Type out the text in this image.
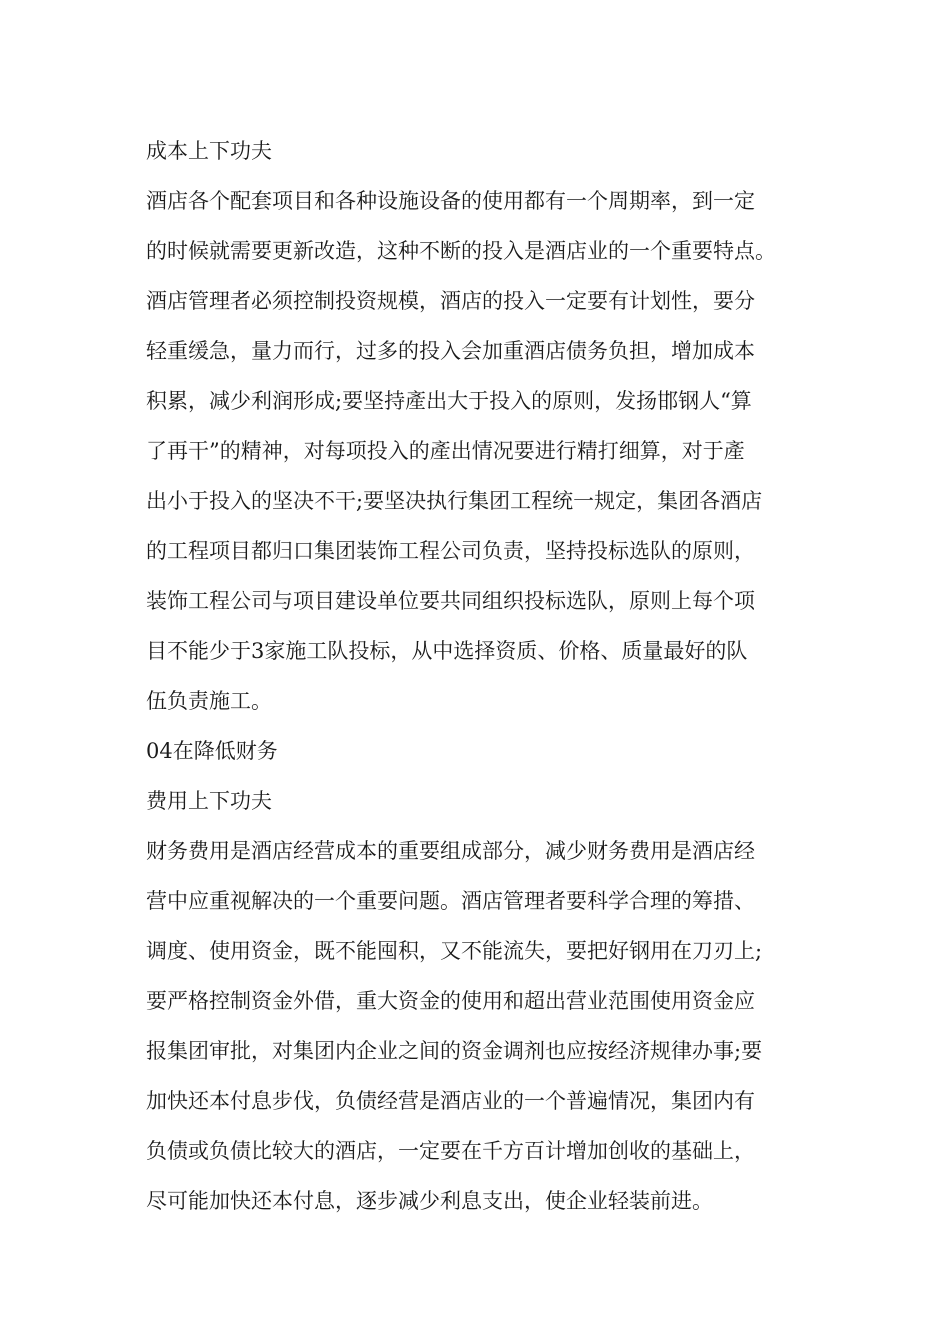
成本上下功夫
酒店各个配套项目和各种设施设备的使用都有一个周期率，到一定
的时候就需要更新改造，这种不断的投入是酒店业的一个重要特点。
酒店管理者必须控制投资规模，酒店的投入一定要有计划性，要分
轻重缓急，量力而行，过多的投入会加重酒店债务负担，增加成本
积累，减少利润形成;要坚持產出大于投入的原则，发扬邯钢人“算
了再干”的精神，对每项投入的產出情况要进行精打细算，对于產
出小于投入的坚决不干;要坚决执行集团工程统一规定，集团各酒店
的工程项目都归口集团装饰工程公司负责，坚持投标选队的原则，
装饰工程公司与项目建设单位要共同组织投标选队，原则上每个项
目不能少于3家施工队投标，从中选择资质、价格、质量最好的队
伍负责施工。
04在降低财务
费用上下功夫
财务费用是酒店经营成本的重要组成部分，减少财务费用是酒店经
营中应重视解决的一个重要问题。酒店管理者要科学合理的筹措、
调度、使用资金，既不能囤积，又不能流失，要把好钢用在刀刃上;
要严格控制资金外借，重大资金的使用和超出营业范围使用资金应
报集团审批，对集团内企业之间的资金调剂也应按经济规律办事;要
加快还本付息步伐，负债经营是酒店业的一个普遍情况，集团内有
负债或负债比较大的酒店，一定要在千方百计增加创收的基础上，
尽可能加快还本付息，逐步减少利息支出，使企业轻装前进。
